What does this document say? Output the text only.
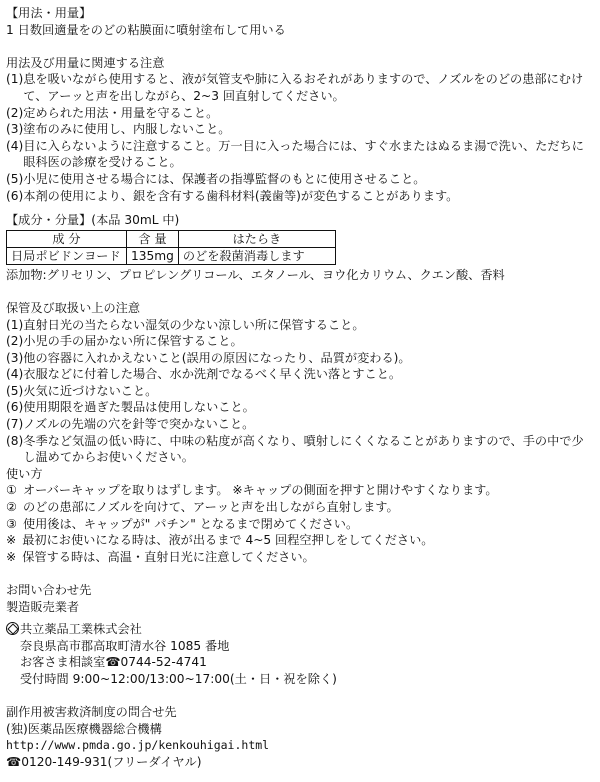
【用法・用量】
1 日数回適量をのどの粘膜面に噴射塗布して用いる
用法及び用量に関連する注意
(1) 息を吸いながら使用すると、液が気管支や肺に入るおそれがありますので、ノズルをのどの患部にむけて、アーッと声を出しながら、2~3 回直射してください。
(2) 定められた用法・用量を守ること。
(3) 塗布のみに使用し、内服しないこと。
(4) 目に入らないように注意すること。万一目に入った場合には、すぐ水またはぬるま湯で洗い、ただちに眼科医の診療を受けること。
(5) 小児に使用させる場合には、保護者の指導監督のもとに使用させること。
(6) 本剤の使用により、銀を含有する歯科材料(義歯等)が変色することがあります。
【成分・分量】(本品 30mL 中)
成 分	含 量	はたらき
日局ポビドンヨード	135mg	のどを殺菌消毒します
添加物:グリセリン、プロピレングリコール、エタノール、ヨウ化カリウム、クエン酸、香料
保管及び取扱い上の注意
(1) 直射日光の当たらない湿気の少ない涼しい所に保管すること。
(2) 小児の手の届かない所に保管すること。
(3) 他の容器に入れかえないこと(誤用の原因になったり、品質が変わる)。
(4) 衣服などに付着した場合、水か洗剤でなるべく早く洗い落とすこと。
(5) 火気に近づけないこと。
(6) 使用期限を過ぎた製品は使用しないこと。
(7) ノズルの先端の穴を針等で突かないこと。
(8) 冬季など気温の低い時に、中味の粘度が高くなり、噴射しにくくなることがありますので、手の中で少し温めてからお使いください。
使い方
① オーバーキャップを取りはずします。 ※キャップの側面を押すと開けやすくなります。
② のどの患部にノズルを向けて、アーッと声を出しながら直射します。
③ 使用後は、キャップが" パチン" となるまで閉めてください。
※ 最初にお使いになる時は、液が出るまで 4~5 回程空押しをしてください。
※ 保管する時は、高温・直射日光に注意してください。
お問い合わせ先
製造販売業者
共立薬品工業株式会社
奈良県高市郡高取町清水谷 1085 番地
お客さま相談室☎0744-52-4741
受付時間 9:00~12:00/13:00~17:00(土・日・祝を除く)
副作用被害救済制度の問合せ先
(独)医薬品医療機器総合機構
http://www.pmda.go.jp/kenkouhigai.html
☎0120-149-931(フリーダイヤル)
